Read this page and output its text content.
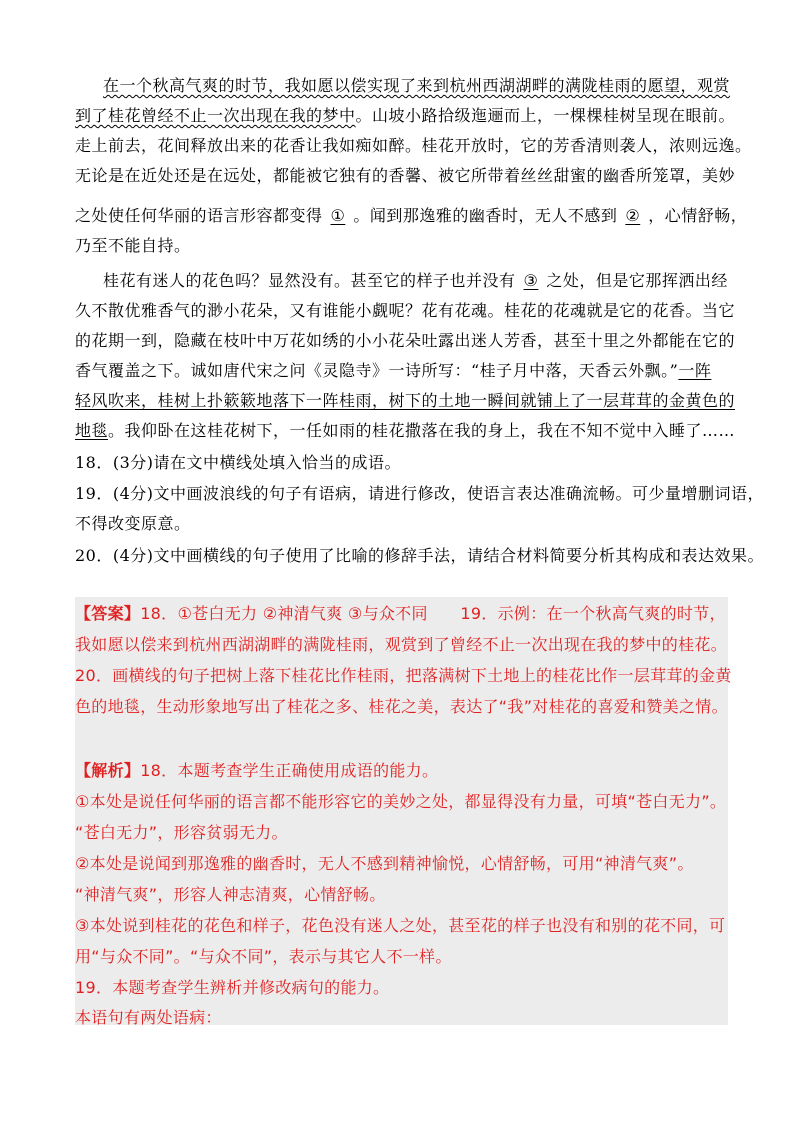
在一个秋高气爽的时节，我如愿以偿实现了来到杭州西湖湖畔的满陇桂雨的愿望，观赏
到了桂花曾经不止一次出现在我的梦中。山坡小路拾级迤逦而上，一棵棵桂树呈现在眼前。
走上前去，花间释放出来的花香让我如痴如醉。桂花开放时，它的芳香清则袭人，浓则远逸。
无论是在近处还是在远处，都能被它独有的香馨、被它所带着丝丝甜蜜的幽香所笼罩，美妙
之处使任何华丽的语言形容都变得 ① 。闻到那逸雅的幽香时，无人不感到 ② ，心情舒畅，
乃至不能自持。
桂花有迷人的花色吗？显然没有。甚至它的样子也并没有 ③ 之处，但是它那挥洒出经
久不散优雅香气的渺小花朵，又有谁能小觑呢？花有花魂。桂花的花魂就是它的花香。当它
的花期一到，隐藏在枝叶中万花如绣的小小花朵吐露出迷人芳香，甚至十里之外都能在它的
香气覆盖之下。诚如唐代宋之问《灵隐寺》一诗所写：“桂子月中落，天香云外飘。”一阵
轻风吹来，桂树上扑簌簌地落下一阵桂雨，树下的土地一瞬间就铺上了一层茸茸的金黄色的
地毯。我仰卧在这桂花树下，一任如雨的桂花撒落在我的身上，我在不知不觉中入睡了……
18．(3分)请在文中横线处填入恰当的成语。
19．(4分)文中画波浪线的句子有语病，请进行修改，使语言表达准确流畅。可少量增删词语，
不得改变原意。
20．(4分)文中画横线的句子使用了比喻的修辞手法，请结合材料简要分析其构成和表达效果。
【答案】18．①苍白无力 ②神清气爽 ③与众不同　　19．示例：在一个秋高气爽的时节，
我如愿以偿来到杭州西湖湖畔的满陇桂雨，观赏到了曾经不止一次出现在我的梦中的桂花。
20．画横线的句子把树上落下桂花比作桂雨，把落满树下土地上的桂花比作一层茸茸的金黄
色的地毯，生动形象地写出了桂花之多、桂花之美，表达了“我”对桂花的喜爱和赞美之情。
【解析】18．本题考查学生正确使用成语的能力。
①本处是说任何华丽的语言都不能形容它的美妙之处，都显得没有力量，可填“苍白无力”。
“苍白无力”，形容贫弱无力。
②本处是说闻到那逸雅的幽香时，无人不感到精神愉悦，心情舒畅，可用“神清气爽”。
“神清气爽”，形容人神志清爽，心情舒畅。
③本处说到桂花的花色和样子，花色没有迷人之处，甚至花的样子也没有和别的花不同，可
用“与众不同”。“与众不同”，表示与其它人不一样。
19．本题考查学生辨析并修改病句的能力。
本语句有两处语病：
